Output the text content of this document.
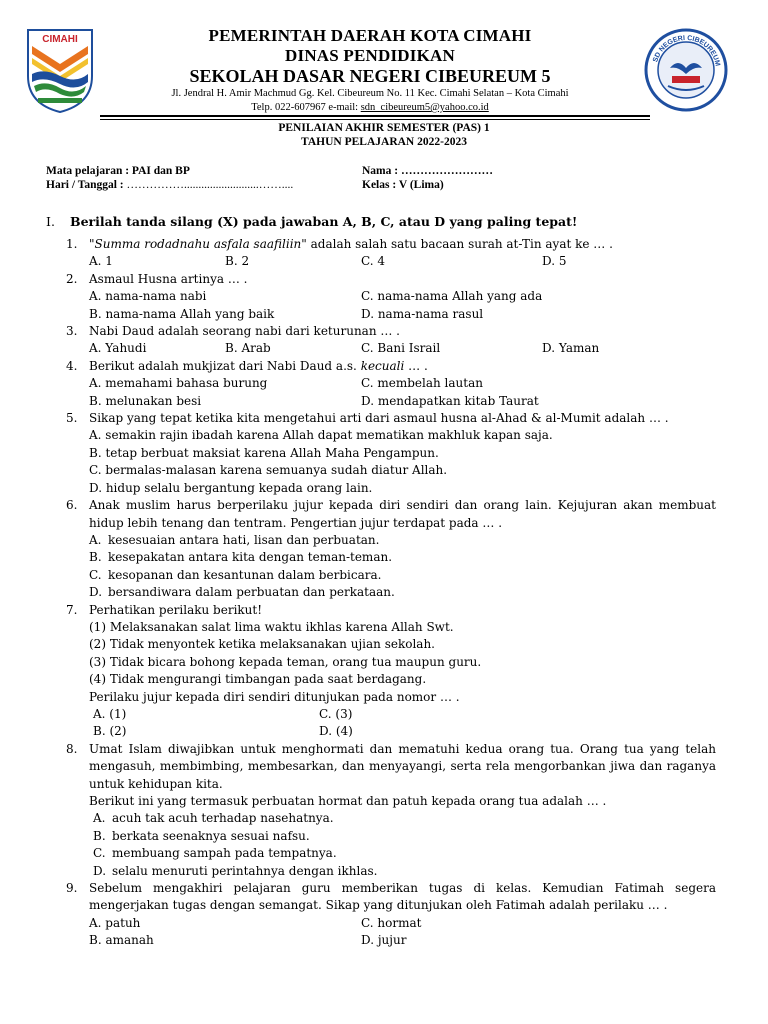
CIMAHI	PEMERINTAH DAERAH KOTA CIMAHI
DINAS PENDIDIKAN
SEKOLAH DASAR NEGERI CIBEUREUM 5
Jl. Jendral H. Amir Machmud Gg. Kel. Cibeureum No. 11 Kec. Cimahi Selatan – Kota Cimahi
Telp. 022-607967 e-mail: sdn_cibeureum5@yahoo.co.id
SD NEGERI CIBEUREUM
PENILAIAN AKHIR SEMESTER (PAS) 1
TAHUN PELAJARAN 2022-2023
Mata pelajaran : PAI dan BP
Hari / Tanggal : ……………..........................……....
Nama : ……………………
Kelas : V (Lima)
I. Berilah tanda silang (X) pada jawaban A, B, C, atau D yang paling tepat!
1. "Summa rodadnahu asfala saafiliin" adalah salah satu bacaan surah at-Tin ayat ke … .
A. 1	B. 2	C. 4	D. 5
2. Asmaul Husna artinya … .
A. nama-nama nabi	C. nama-nama Allah yang ada
B. nama-nama Allah yang baik	D. nama-nama rasul
3. Nabi Daud adalah seorang nabi dari keturunan … .
A. Yahudi	B. Arab	C. Bani Israil	D. Yaman
4. Berikut adalah mukjizat dari Nabi Daud a.s. kecuali … .
A. memahami bahasa burung	C. membelah lautan
B. melunakan besi	D. mendapatkan kitab Taurat
5. Sikap yang tepat ketika kita mengetahui arti dari asmaul husna al-Ahad & al-Mumit adalah … .
A. semakin rajin ibadah karena Allah dapat mematikan makhluk kapan saja.
B. tetap berbuat maksiat karena Allah Maha Pengampun.
C. bermalas-malasan karena semuanya sudah diatur Allah.
D. hidup selalu bergantung kepada orang lain.
6. Anak muslim harus berperilaku jujur kepada diri sendiri dan orang lain. Kejujuran akan membuat hidup lebih tenang dan tentram. Pengertian jujur terdapat pada … .
A. kesesuaian antara hati, lisan dan perbuatan.
B. kesepakatan antara kita dengan teman-teman.
C. kesopanan dan kesantunan dalam berbicara.
D. bersandiwara dalam perbuatan dan perkataan.
7. Perhatikan perilaku berikut!
(1) Melaksanakan salat lima waktu ikhlas karena Allah Swt.
(2) Tidak menyontek ketika melaksanakan ujian sekolah.
(3) Tidak bicara bohong kepada teman, orang tua maupun guru.
(4) Tidak mengurangi timbangan pada saat berdagang.
Perilaku jujur kepada diri sendiri ditunjukan pada nomor … .
A. (1)	C. (3)
B. (2)	D. (4)
8. Umat Islam diwajibkan untuk menghormati dan mematuhi kedua orang tua. Orang tua yang telah mengasuh, membimbing, membesarkan, dan menyayangi, serta rela mengorbankan jiwa dan raganya untuk kehidupan kita.
Berikut ini yang termasuk perbuatan hormat dan patuh kepada orang tua adalah … .
A. acuh tak acuh terhadap nasehatnya.
B. berkata seenaknya sesuai nafsu.
C. membuang sampah pada tempatnya.
D. selalu menuruti perintahnya dengan ikhlas.
9. Sebelum mengakhiri pelajaran guru memberikan tugas di kelas. Kemudian Fatimah segera mengerjakan tugas dengan semangat. Sikap yang ditunjukan oleh Fatimah adalah perilaku … .
A. patuh	C. hormat
B. amanah	D. jujur
